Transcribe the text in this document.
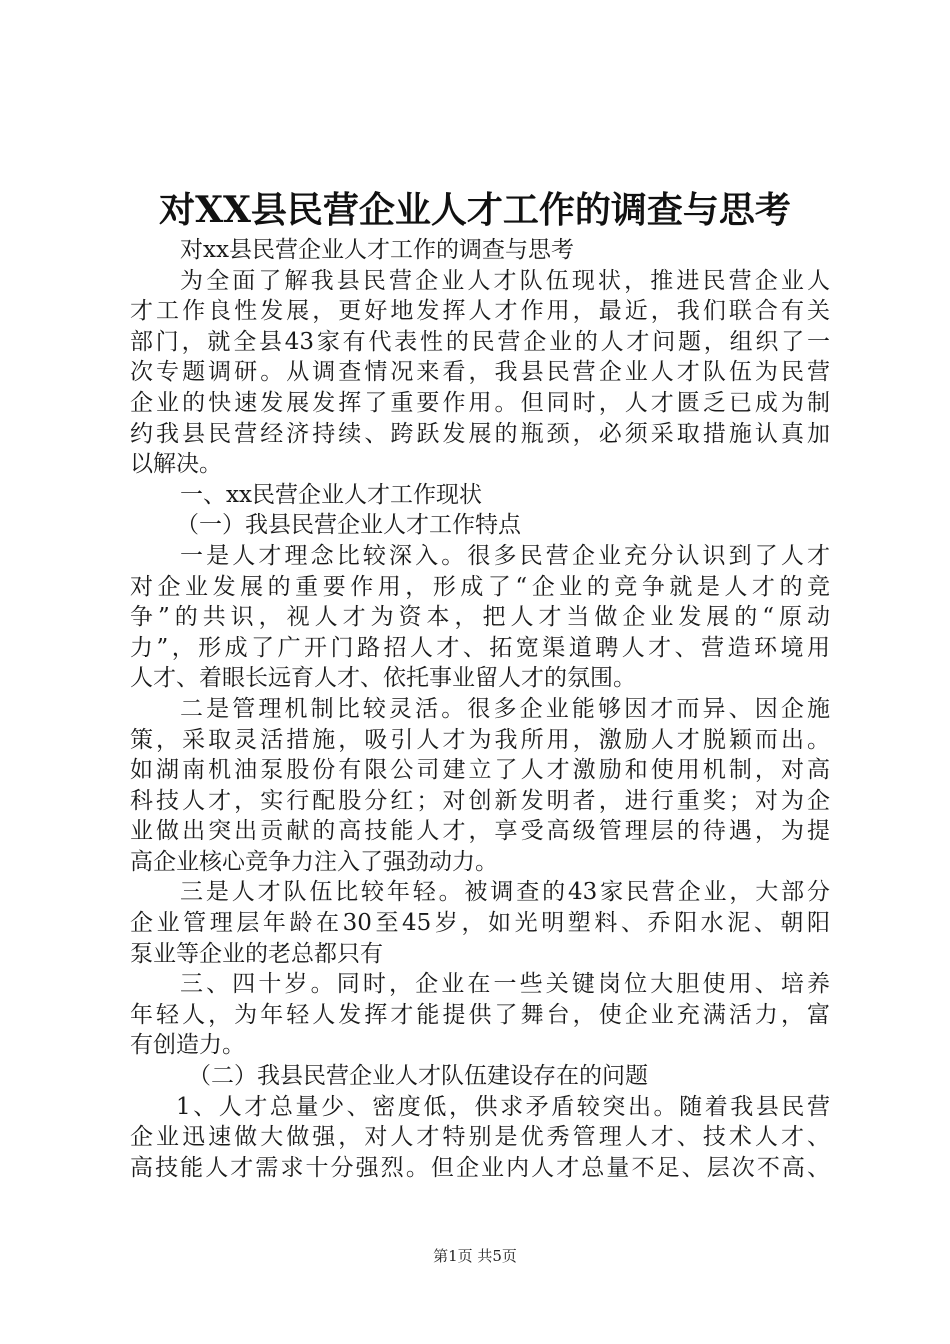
对XX县民营企业人才工作的调查与思考
对xx县民营企业人才工作的调查与思考
为全面了解我县民营企业人才队伍现状，推进民营企业人
才工作良性发展，更好地发挥人才作用，最近，我们联合有关
部门，就全县43家有代表性的民营企业的人才问题，组织了一
次专题调研。从调查情况来看，我县民营企业人才队伍为民营
企业的快速发展发挥了重要作用。但同时，人才匮乏已成为制
约我县民营经济持续、跨跃发展的瓶颈，必须采取措施认真加
以解决。
一、xx民营企业人才工作现状
（一）我县民营企业人才工作特点
一是人才理念比较深入。很多民营企业充分认识到了人才
对企业发展的重要作用，形成了“企业的竞争就是人才的竞
争”的共识，视人才为资本，把人才当做企业发展的“原动
力”，形成了广开门路招人才、拓宽渠道聘人才、营造环境用
人才、着眼长远育人才、依托事业留人才的氛围。
二是管理机制比较灵活。很多企业能够因才而异、因企施
策，采取灵活措施，吸引人才为我所用，激励人才脱颖而出。
如湖南机油泵股份有限公司建立了人才激励和使用机制，对高
科技人才，实行配股分红；对创新发明者，进行重奖；对为企
业做出突出贡献的高技能人才，享受高级管理层的待遇，为提
高企业核心竞争力注入了强劲动力。
三是人才队伍比较年轻。被调查的43家民营企业，大部分
企业管理层年龄在30至45岁，如光明塑料、乔阳水泥、朝阳
泵业等企业的老总都只有
三、四十岁。同时，企业在一些关键岗位大胆使用、培养
年轻人，为年轻人发挥才能提供了舞台，使企业充满活力，富
有创造力。
（二）我县民营企业人才队伍建设存在的问题
1、人才总量少、密度低，供求矛盾较突出。随着我县民营
企业迅速做大做强，对人才特别是优秀管理人才、技术人才、
高技能人才需求十分强烈。但企业内人才总量不足、层次不高、
第1页 共5页
